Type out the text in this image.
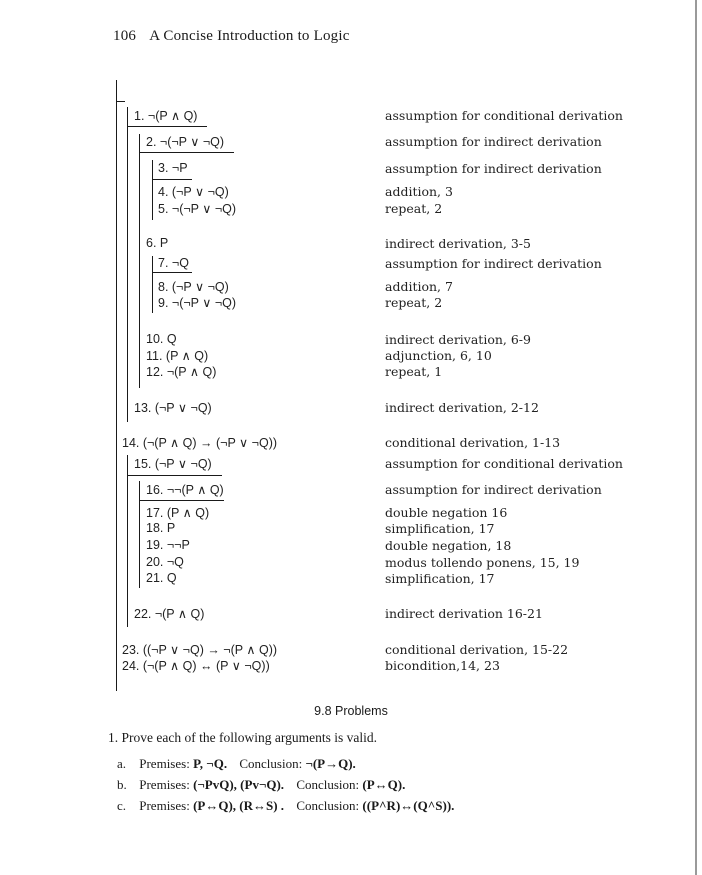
106 A Concise Introduction to Logic
1. ¬(P ∧ Q)	assumption for conditional derivation
2. ¬(¬P ∨ ¬Q)	assumption for indirect derivation
3. ¬P	assumption for indirect derivation
4. (¬P ∨ ¬Q)	addition, 3
5. ¬(¬P ∨ ¬Q)	repeat, 2
6. P	indirect derivation, 3-5
7. ¬Q	assumption for indirect derivation
8. (¬P ∨ ¬Q)	addition, 7
9. ¬(¬P ∨ ¬Q)	repeat, 2
10. Q	indirect derivation, 6-9
11. (P ∧ Q)	adjunction, 6, 10
12. ¬(P ∧ Q)	repeat, 1
13. (¬P ∨ ¬Q)	indirect derivation, 2-12
14. (¬(P ∧ Q) → (¬P ∨ ¬Q))	conditional derivation, 1-13
15. (¬P ∨ ¬Q)	assumption for conditional derivation
16. ¬¬(P ∧ Q)	assumption for indirect derivation
17. (P ∧ Q)	double negation 16
18. P	simplification, 17
19. ¬¬P	double negation, 18
20. ¬Q	modus tollendo ponens, 15, 19
21. Q	simplification, 17
22. ¬(P ∧ Q)	indirect derivation 16-21
23. ((¬P ∨ ¬Q) → ¬(P ∧ Q))	conditional derivation, 15-22
24. (¬(P ∧ Q) ↔ (P ∨ ¬Q))	bicondition,14, 23
9.8 Problems
1. Prove each of the following arguments is valid.
a. Premises: P, ¬Q. Conclusion: ¬(P→Q).
b. Premises: (¬PvQ), (Pv¬Q). Conclusion: (P↔Q).
c. Premises: (P↔Q), (R↔S) . Conclusion: ((P^R)↔(Q^S)).
